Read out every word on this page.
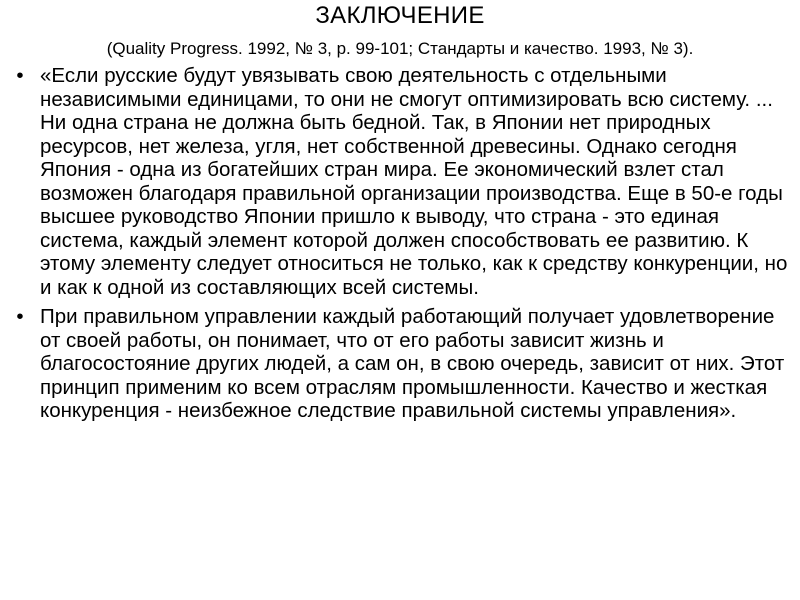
ЗАКЛЮЧЕНИЕ

(Quality Progress. 1992, № 3, p. 99-101; Стандарты и качество. 1993, № 3).

• «Если русские будут увязывать свою деятельность с отдельными независимыми единицами, то они не смогут оптимизировать всю систему. ... Ни одна страна не должна быть бедной. Так, в Японии нет природных ресурсов, нет железа, угля, нет собственной древесины. Однако сегодня Япония - одна из богатейших стран мира. Ее экономический взлет стал возможен благодаря правильной организации производства. Еще в 50-е годы высшее руководство Японии пришло к выводу, что страна - это единая система, каждый элемент которой должен способствовать ее развитию. К этому элементу следует относиться не только, как к средству конкуренции, но и как к одной из составляющих всей системы.
• При правильном управлении каждый работающий получает удовлетворение от своей работы, он понимает, что от его работы зависит жизнь и благосостояние других людей, а сам он, в свою очередь, зависит от них. Этот принцип применим ко всем отраслям промышленности. Качество и жесткая конкуренция - неизбежное следствие правильной системы управления».
